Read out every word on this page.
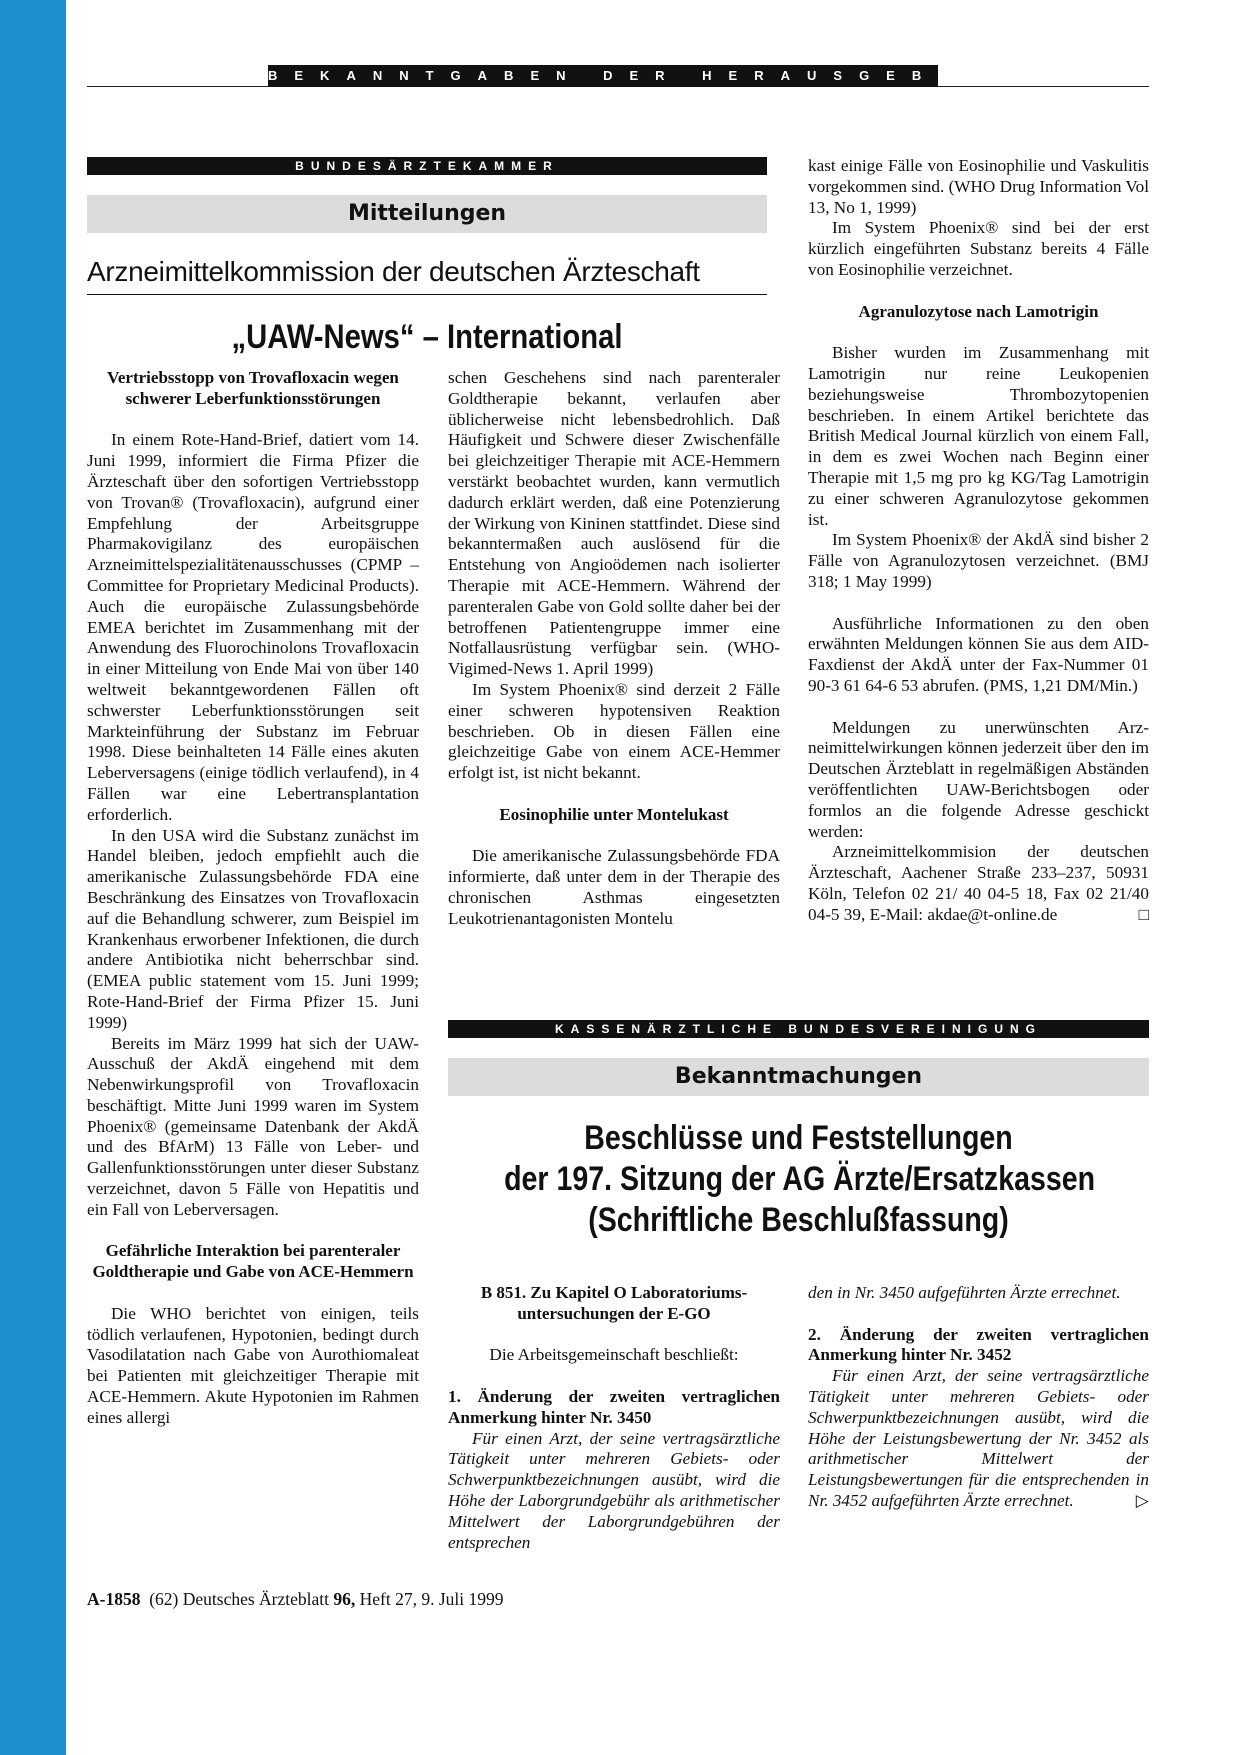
BEKANNTGABEN DER HERAUSGEBER
BUNDESÄRZTEKAMMER
Mitteilungen
Arzneimittelkommission der deutschen Ärzteschaft
„UAW-News“ – International
Vertriebsstopp von Trovafloxacin wegen schwerer Leberfunktionsstörungen

In einem Rote-Hand-Brief, datiert vom 14. Juni 1999, informiert die Firma Pfizer die Ärzteschaft über den sofortigen Vertriebsstopp von Trovan® (Trovafloxacin), aufgrund einer Empfehlung der Arbeitsgruppe Pharmakovigilanz des europäischen Arzneimittelspezialitätenausschusses (CPMP – Committee for Proprietary Medicinal Products). Auch die europäische Zulassungsbehörde EMEA berichtet im Zusammenhang mit der Anwendung des Fluorochinolons Trovafloxacin in einer Mitteilung von Ende Mai von über 140 weltweit bekanntgewordenen Fällen oft schwerster Leberfunktionsstörungen seit Markteinführung der Substanz im Februar 1998. Diese beinhalteten 14 Fälle eines akuten Leberversagens (einige tödlich verlaufend), in 4 Fällen war eine Lebertransplantation erforderlich.

In den USA wird die Substanz zunächst im Handel bleiben, jedoch empfiehlt auch die amerikanische Zulassungsbehörde FDA eine Beschränkung des Einsatzes von Trovafloxacin auf die Behandlung schwerer, zum Beispiel im Krankenhaus erworbener Infektionen, die durch andere Antibiotika nicht beherrschbar sind. (EMEA public statement vom 15. Juni 1999; Rote-Hand-Brief der Firma Pfizer 15. Juni 1999)

Bereits im März 1999 hat sich der UAW-Ausschuß der AkdÄ eingehend mit dem Nebenwirkungsprofil von Trovafloxacin beschäftigt. Mitte Juni 1999 waren im System Phoenix® (gemeinsame Datenbank der AkdÄ und des BfArM) 13 Fälle von Leber- und Gallenfunktionsstörungen unter dieser Substanz verzeichnet, davon 5 Fälle von Hepatitis und ein Fall von Leberversagen.

Gefährliche Interaktion bei parenteraler Goldtherapie und Gabe von ACE-Hemmern

Die WHO berichtet von einigen, teils tödlich verlaufenen, Hypotonien, bedingt durch Vasodilatation nach Gabe von Aurothiomaleat bei Patienten mit gleichzeitiger Therapie mit ACE-Hemmern. Akute Hypotonien im Rahmen eines allergi

schen Geschehens sind nach parenteraler Goldtherapie bekannt, verlaufen aber üblicherweise nicht lebensbedrohlich. Daß Häufigkeit und Schwere dieser Zwischenfälle bei gleichzeitiger Therapie mit ACE-Hemmern verstärkt beobachtet wurden, kann vermutlich dadurch erklärt werden, daß eine Potenzierung der Wirkung von Kininen stattfindet. Diese sind bekanntermaßen auch auslösend für die Entstehung von Angioödemen nach isolierter Therapie mit ACE-Hemmern. Während der parenteralen Gabe von Gold sollte daher bei der betroffenen Patientengruppe immer eine Notfallausrüstung verfügbar sein. (WHO-Vigimed-News 1. April 1999)

Im System Phoenix® sind derzeit 2 Fälle einer schweren hypotensiven Reaktion beschrieben. Ob in diesen Fällen eine gleichzeitige Gabe von einem ACE-Hemmer erfolgt ist, ist nicht bekannt.

Eosinophilie unter Montelukast

Die amerikanische Zulassungsbehörde FDA informierte, daß unter dem in der Therapie des chronischen Asthmas eingesetzten Leukotrienantagonisten Montelu

kast einige Fälle von Eosinophilie und Vaskulitis vorgekommen sind. (WHO Drug Information Vol 13, No 1, 1999)

Im System Phoenix® sind bei der erst kürzlich eingeführten Substanz bereits 4 Fälle von Eosinophilie verzeichnet.

Agranulozytose nach Lamotrigin

Bisher wurden im Zusammenhang mit Lamotrigin nur reine Leukopenien beziehungsweise Thrombozytopenien beschrieben. In einem Artikel berichtete das British Medical Journal kürzlich von einem Fall, in dem es zwei Wochen nach Beginn einer Therapie mit 1,5 mg pro kg KG/Tag Lamotrigin zu einer schweren Agranulozytose gekommen ist.

Im System Phoenix® der AkdÄ sind bisher 2 Fälle von Agranulozytosen verzeichnet. (BMJ 318; 1 May 1999)

Ausführliche Informationen zu den oben erwähnten Meldungen können Sie aus dem AID-Faxdienst der AkdÄ unter der Fax-Nummer 01 90-3 61 64-6 53 abrufen. (PMS, 1,21 DM/Min.)

Meldungen zu unerwünschten Arzneimittelwirkungen können jederzeit über den im Deutschen Ärzteblatt in regelmäßigen Abständen veröffentlichten UAW-Berichtsbogen oder formlos an die folgende Adresse geschickt werden:

Arzneimittelkommision der deutschen Ärzteschaft, Aachener Straße 233–237, 50931 Köln, Telefon 02 21/ 40 04-5 18, Fax 02 21/40 04-5 39, E-Mail: akdae@t-online.de	□

KASSENÄRZTLICHE BUNDESVEREINIGUNG
Bekanntmachungen
Beschlüsse und Feststellungen
der 197. Sitzung der AG Ärzte/Ersatzkassen
(Schriftliche Beschlußfassung)
B 851. Zu Kapitel O Laboratoriumsuntersuchungen der E-GO

Die Arbeitsgemeinschaft beschließt:

1. Änderung der zweiten vertraglichen Anmerkung hinter Nr. 3450

Für einen Arzt, der seine vertragsärztliche Tätigkeit unter mehreren Gebiets- oder Schwerpunktbezeichnungen ausübt, wird die Höhe der Laborgrundgebühr als arithmetischer Mittelwert der Laborgrundgebühren der entsprechen

den in Nr. 3450 aufgeführten Ärzte errechnet.

2. Änderung der zweiten vertraglichen Anmerkung hinter Nr. 3452

Für einen Arzt, der seine vertragsärztliche Tätigkeit unter mehreren Gebiets- oder Schwerpunktbezeichnungen ausübt, wird die Höhe der Leistungsbewertung der Nr. 3452 als arithmetischer Mittelwert der Leistungsbewertungen für die entsprechenden in Nr. 3452 aufgeführten Ärzte errechnet.	▷

A-1858  (62) Deutsches Ärzteblatt 96, Heft 27, 9. Juli 1999
